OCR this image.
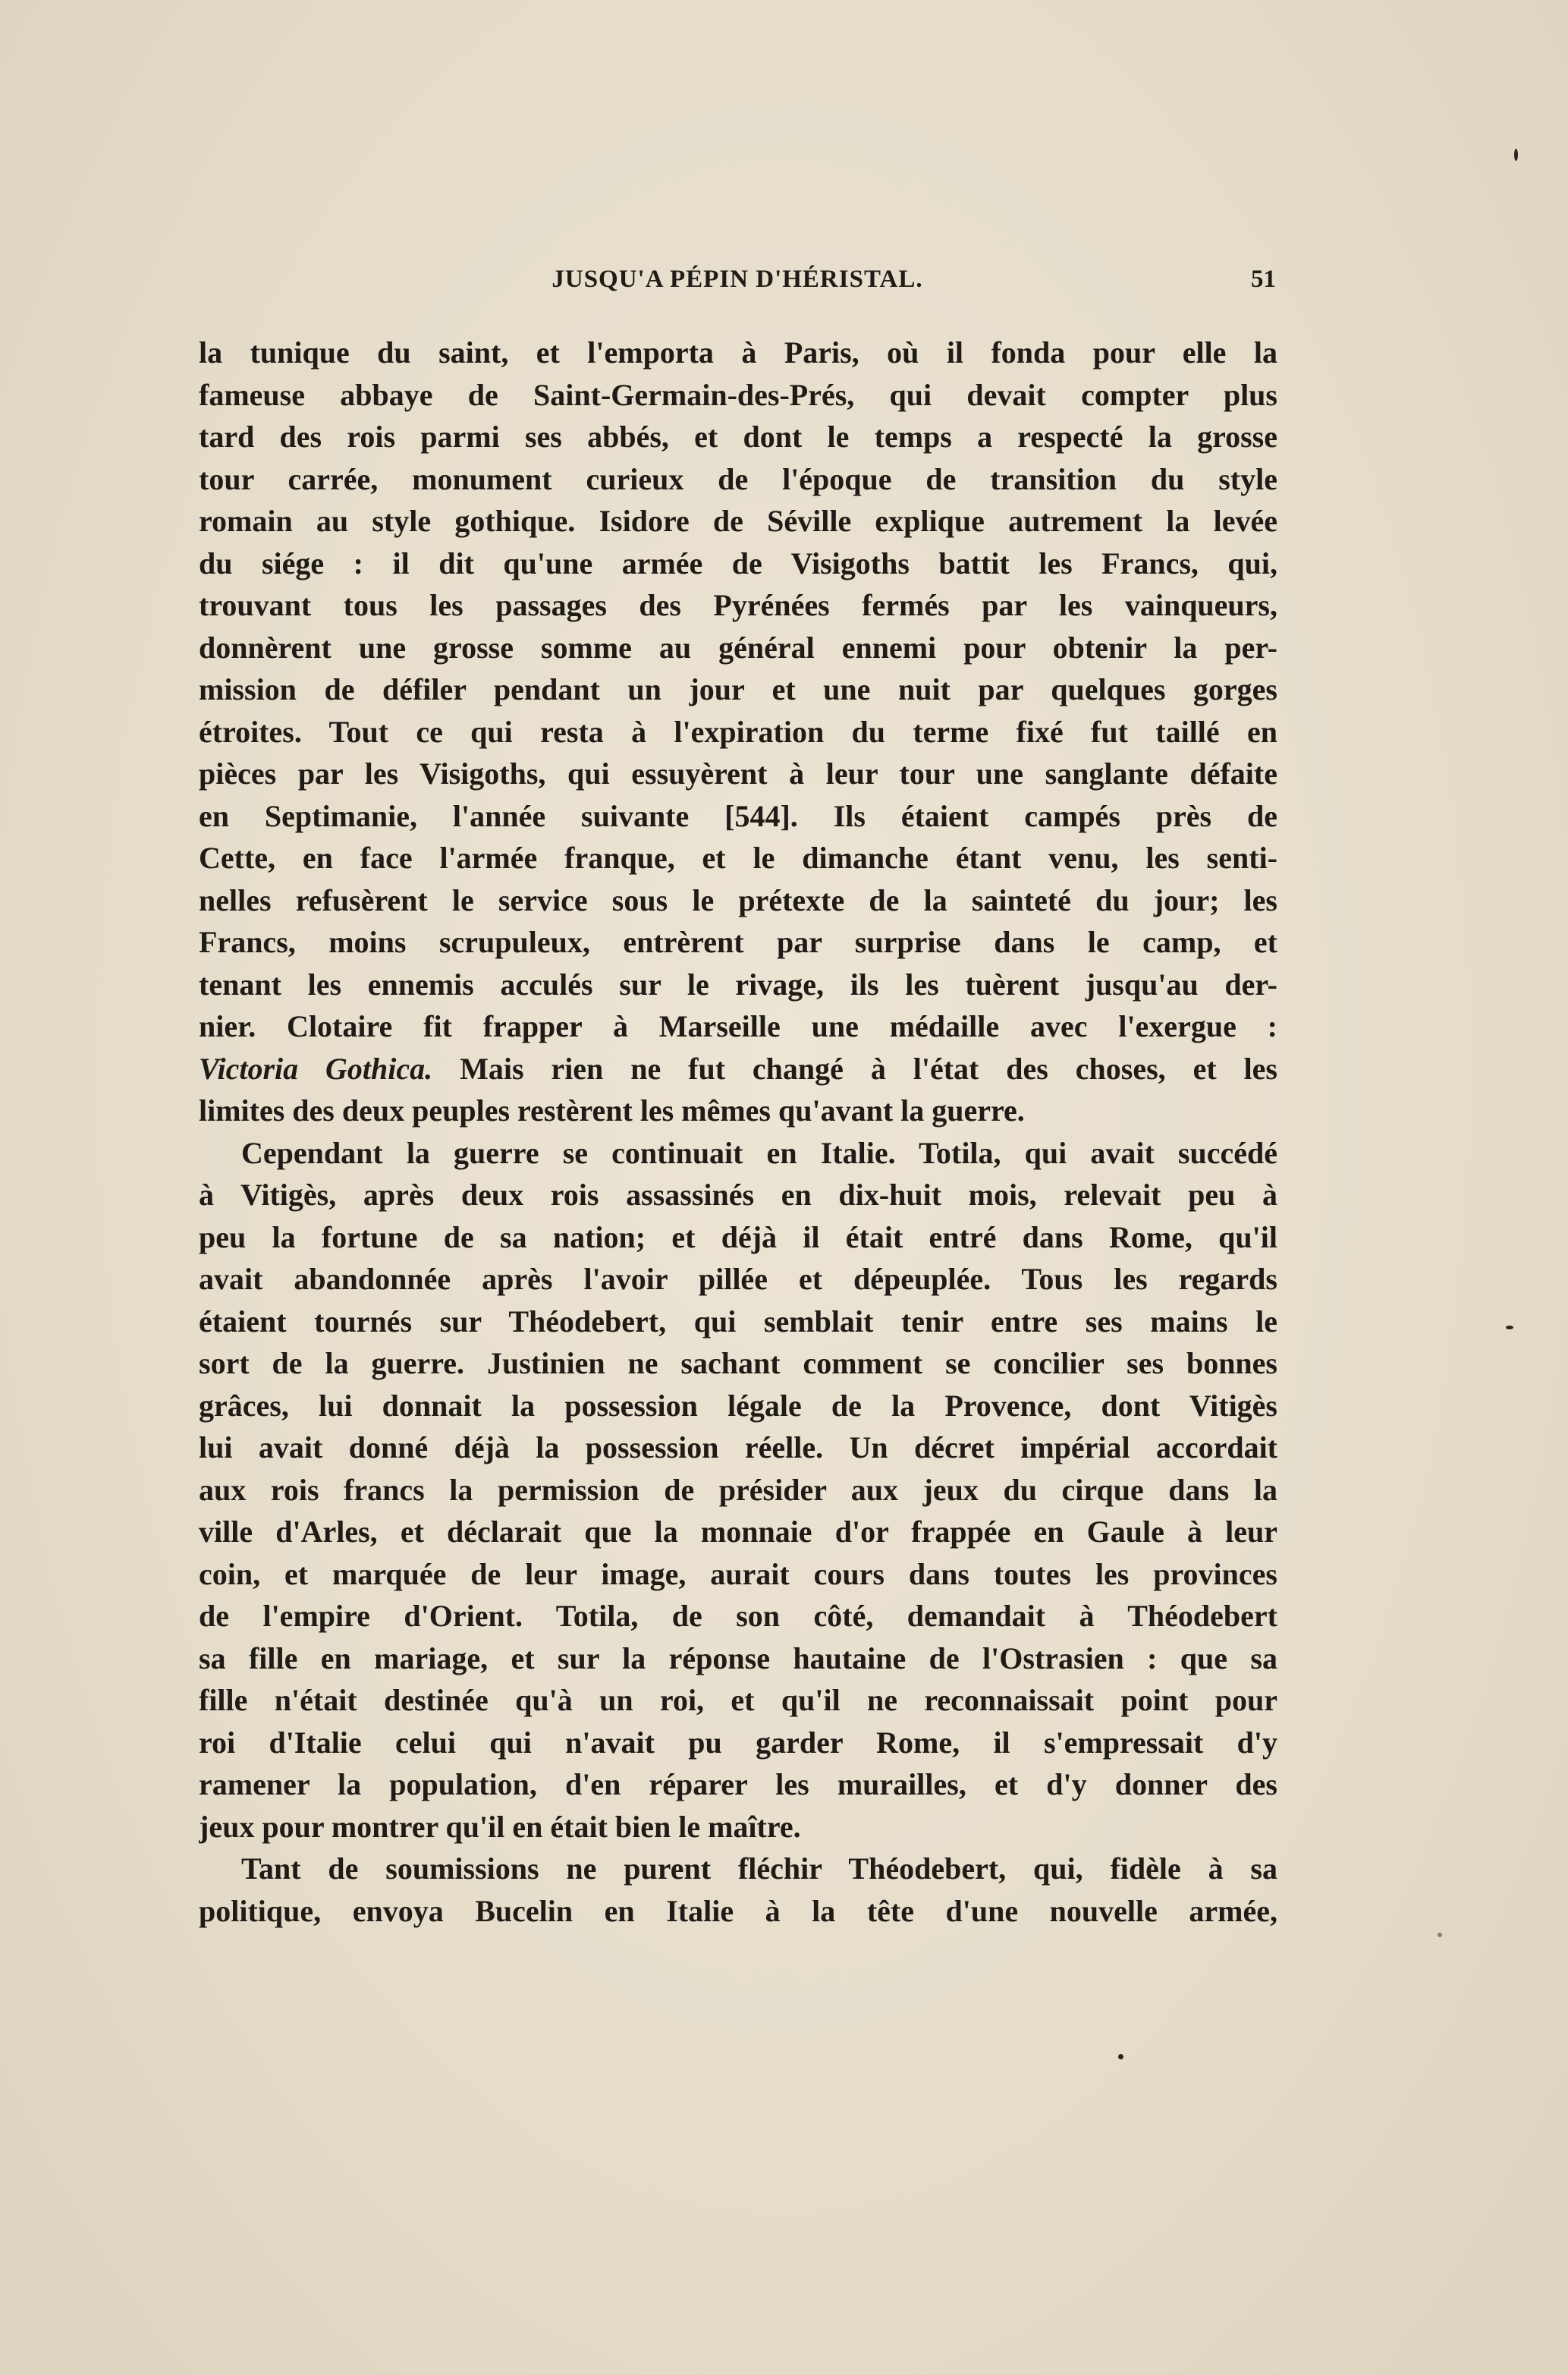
JUSQU'A PÉPIN D'HÉRISTAL.	51
la tunique du saint, et l'emporta à Paris, où il fonda pour elle la
fameuse abbaye de Saint-Germain-des-Prés, qui devait compter plus
tard des rois parmi ses abbés, et dont le temps a respecté la grosse
tour carrée, monument curieux de l'époque de transition du style
romain au style gothique. Isidore de Séville explique autrement la levée
du siége : il dit qu'une armée de Visigoths battit les Francs, qui,
trouvant tous les passages des Pyrénées fermés par les vainqueurs,
donnèrent une grosse somme au général ennemi pour obtenir la per-
mission de défiler pendant un jour et une nuit par quelques gorges
étroites. Tout ce qui resta à l'expiration du terme fixé fut taillé en
pièces par les Visigoths, qui essuyèrent à leur tour une sanglante défaite
en Septimanie, l'année suivante [544]. Ils étaient campés près de
Cette, en face l'armée franque, et le dimanche étant venu, les senti-
nelles refusèrent le service sous le prétexte de la sainteté du jour; les
Francs, moins scrupuleux, entrèrent par surprise dans le camp, et
tenant les ennemis acculés sur le rivage, ils les tuèrent jusqu'au der-
nier. Clotaire fit frapper à Marseille une médaille avec l'exergue :
Victoria Gothica. Mais rien ne fut changé à l'état des choses, et les
limites des deux peuples restèrent les mêmes qu'avant la guerre.
Cependant la guerre se continuait en Italie. Totila, qui avait succédé
à Vitigès, après deux rois assassinés en dix-huit mois, relevait peu à
peu la fortune de sa nation; et déjà il était entré dans Rome, qu'il
avait abandonnée après l'avoir pillée et dépeuplée. Tous les regards
étaient tournés sur Théodebert, qui semblait tenir entre ses mains le
sort de la guerre. Justinien ne sachant comment se concilier ses bonnes
grâces, lui donnait la possession légale de la Provence, dont Vitigès
lui avait donné déjà la possession réelle. Un décret impérial accordait
aux rois francs la permission de présider aux jeux du cirque dans la
ville d'Arles, et déclarait que la monnaie d'or frappée en Gaule à leur
coin, et marquée de leur image, aurait cours dans toutes les provinces
de l'empire d'Orient. Totila, de son côté, demandait à Théodebert
sa fille en mariage, et sur la réponse hautaine de l'Ostrasien : que sa
fille n'était destinée qu'à un roi, et qu'il ne reconnaissait point pour
roi d'Italie celui qui n'avait pu garder Rome, il s'empressait d'y
ramener la population, d'en réparer les murailles, et d'y donner des
jeux pour montrer qu'il en était bien le maître.
Tant de soumissions ne purent fléchir Théodebert, qui, fidèle à sa
politique, envoya Bucelin en Italie à la tête d'une nouvelle armée,
